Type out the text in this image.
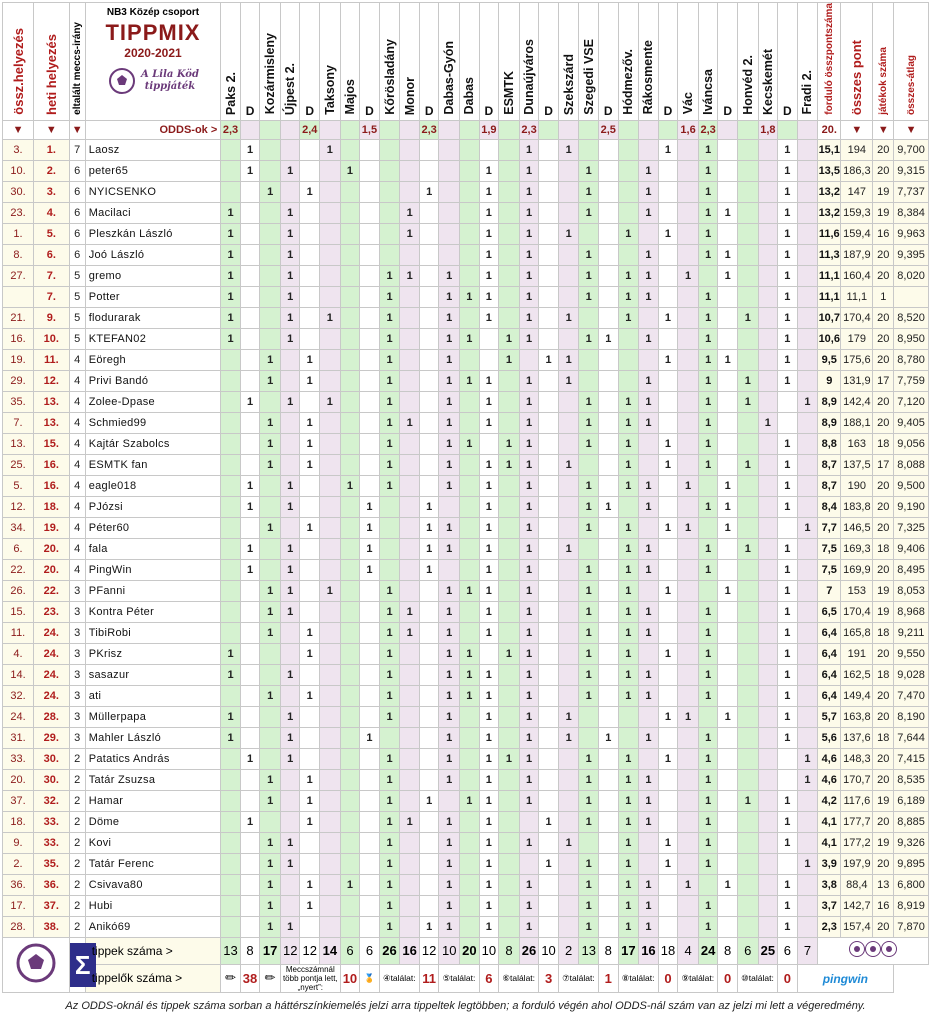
össz.helyezés	heti helyezés	eltalált meccs-irány	NB3 Közép csoport
TIPPMIX
2020-2021
A Lila Köd
tippjáték	Paks 2.	D	Kozármisleny	Újpest 2.	D	Taksony	Majos	D	Kőrösladány	Monor	D	Dabas-Gyón	Dabas	D	ESMTK	Dunaújváros	D	Szekszárd	Szegedi VSE	D	Hódmezőv.	Rákosmente	D	Vác	Iváncsa	D	Honvéd 2.	Kecskemét	D	Fradi 2.	forduló összpontszáma	összes pont	játékok száma	összes-átlag
▼	▼	▼	ODDS-ok >	2,3				2,4			1,5			2,3			1,9		2,3				2,5				1,6	2,3			1,8			20.	▼	▼	▼
3.	1.	7	Laosz		1				1										1		1					1		1				1		15,1	194	20	9,700
10.	2.	6	peter65		1		1			1							1		1			1			1			1				1		13,5	186,3	20	9,315
30.	3.	6	NYICSENKO			1		1						1			1		1			1			1			1				1		13,2	147	19	7,737
23.	4.	6	Macilaci	1			1						1				1		1			1			1			1	1			1		13,2	159,3	19	8,384
1.	5.	6	Pleszkán László	1			1						1				1		1		1			1		1		1				1		11,6	159,4	16	9,963
8.	6.	6	Joó László	1			1										1		1			1			1			1	1			1		11,3	187,9	20	9,395
27.	7.	5	gremo	1			1					1	1		1		1		1			1		1	1		1		1			1		11,1	160,4	20	8,020
	7.	5	Potter	1			1					1			1	1	1		1			1		1	1			1				1		11,1	11,1	1	
21.	9.	5	flodurarak	1			1		1			1			1		1		1		1			1		1		1		1		1		10,7	170,4	20	8,520
16.	10.	5	KTEFAN02	1			1					1			1	1		1	1			1	1		1			1				1		10,6	179	20	8,950
19.	11.	4	Eöregh			1		1				1			1			1		1	1					1		1	1			1		9,5	175,6	20	8,780
29.	12.	4	Privi Bandó			1		1				1			1	1	1		1		1				1			1		1		1		9	131,9	17	7,759
35.	13.	4	Zolee-Dpase		1		1		1			1			1		1		1			1		1	1			1		1			1	8,9	142,4	20	7,120
7.	13.	4	Schmied99			1		1				1	1		1		1		1			1		1	1			1			1			8,9	188,1	20	9,405
13.	15.	4	Kajtár Szabolcs			1		1				1			1	1		1	1			1		1		1		1				1		8,8	163	18	9,056
25.	16.	4	ESMTK fan			1		1				1			1		1	1	1		1			1		1		1		1		1		8,7	137,5	17	8,088
5.	16.	4	eagle018		1		1			1		1			1		1		1			1		1	1		1		1			1		8,7	190	20	9,500
12.	18.	4	PJózsi		1		1				1			1			1		1			1	1		1			1	1			1		8,4	183,8	20	9,190
34.	19.	4	Péter60			1		1			1			1	1		1		1			1		1		1	1		1				1	7,7	146,5	20	7,325
6.	20.	4	fala		1		1				1			1	1		1		1		1			1	1			1		1		1		7,5	169,3	18	9,406
22.	20.	4	PingWin		1		1				1			1			1		1			1		1	1			1				1		7,5	169,9	20	8,495
26.	22.	3	PFanni			1	1		1			1			1	1	1		1			1		1		1			1			1		7	153	19	8,053
15.	23.	3	Kontra Péter			1	1					1	1		1		1		1			1		1	1			1				1		6,5	170,4	19	8,968
11.	24.	3	TibiRobi			1		1				1	1		1		1		1			1		1	1			1				1		6,4	165,8	18	9,211
4.	24.	3	PKrisz	1				1				1			1	1		1	1			1		1		1		1				1		6,4	191	20	9,550
14.	24.	3	sasazur	1			1					1			1	1	1		1			1		1	1			1				1		6,4	162,5	18	9,028
32.	24.	3	ati			1		1				1			1	1	1		1			1		1	1			1				1		6,4	149,4	20	7,470
24.	28.	3	Müllerpapa	1			1					1			1		1		1		1					1	1		1			1		5,7	163,8	20	8,190
31.	29.	3	Mahler László	1			1				1				1		1		1		1		1		1			1				1		5,6	137,6	18	7,644
33.	30.	2	Patatics András		1		1					1			1		1	1	1			1		1		1		1					1	4,6	148,3	20	7,415
20.	30.	2	Tatár Zsuzsa			1		1				1			1		1		1			1		1	1			1					1	4,6	170,7	20	8,535
37.	32.	2	Hamar			1		1				1		1		1	1		1			1		1	1			1		1		1		4,2	117,6	19	6,189
18.	33.	2	Döme		1			1				1	1		1		1			1		1		1	1			1				1		4,1	177,7	20	8,885
9.	33.	2	Kovi			1	1					1			1		1		1		1			1		1		1				1		4,1	177,2	19	9,326
2.	35.	2	Tatár Ferenc			1	1					1			1		1			1		1		1		1		1					1	3,9	197,9	20	9,895
36.	36.	2	Csivava80			1		1		1		1			1		1		1			1		1	1		1		1			1		3,8	88,4	13	6,800
17.	37.	2	Hubi			1		1				1			1		1		1			1		1	1			1				1		3,7	142,7	16	8,919
28.	38.	2	Anikó69			1	1					1		1	1		1		1			1		1	1			1				1		2,3	157,4	20	7,870
	Σ	tippek száma >	13	8	17	12	12	14	6	6	26	16	12	10	20	10	8	26	10	2	13	8	17	16	18	4	24	8	6	25	6	7				
			tippelők száma >	✏	38	✏	Meccszámnál több pontja lett, „nyert”:			10	🏅	④találat:		11	⑤találat:		6	⑥találat:		3	⑦találat:		1	⑧találat:		0	⑨találat:		0	⑩találat:		0	pingwin				
Az ODDS-oknál és tippek száma sorban a háttérszínkiemelés jelzi arra tippeltek legtöbben; a forduló végén ahol ODDS-nál szám van az jelzi mi lett a végeredmény.
